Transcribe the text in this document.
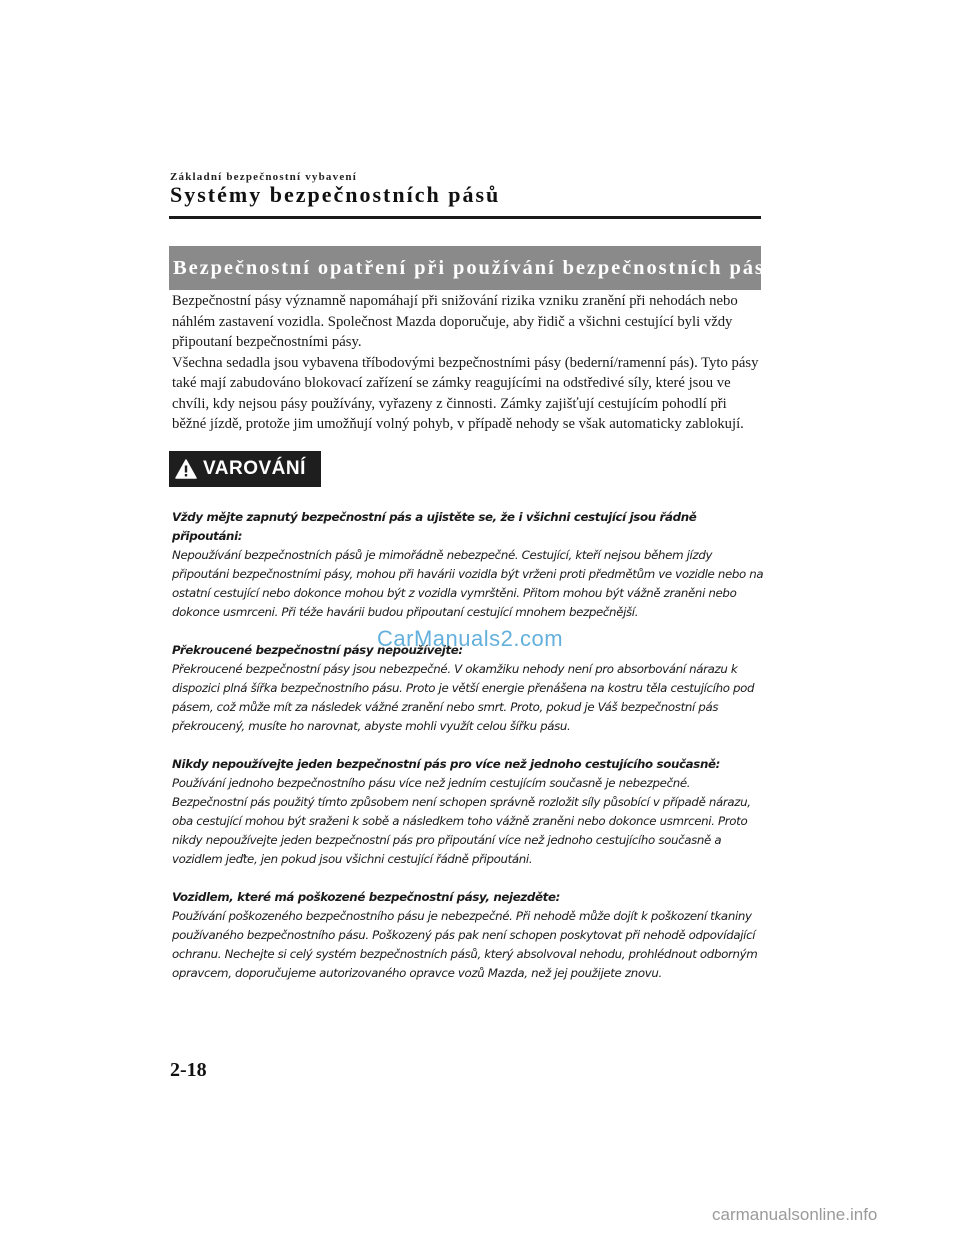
Základní bezpečnostní vybavení
Systémy bezpečnostních pásů
Bezpečnostní opatření při používání bezpečnostních pásů

Bezpečnostní pásy významně napomáhají při snižování rizika vzniku zranění při nehodách nebo náhlém zastavení vozidla. Společnost Mazda doporučuje, aby řidič a všichni cestující byli vždy připoutaní bezpečnostními pásy.

Všechna sedadla jsou vybavena tříbodovými bezpečnostními pásy (bederní/ramenní pás). Tyto pásy také mají zabudováno blokovací zařízení se zámky reagujícími na odstředivé síly, které jsou ve chvíli, kdy nejsou pásy používány, vyřazeny z činnosti. Zámky zajišťují cestujícím pohodlí při běžné jízdě, protože jim umožňují volný pohyb, v případě nehody se však automaticky zablokují.

VAROVÁNÍ
Vždy mějte zapnutý bezpečnostní pás a ujistěte se, že i všichni cestující jsou řádně připoutáni:
Nepoužívání bezpečnostních pásů je mimořádně nebezpečné. Cestující, kteří nejsou během jízdy připoutáni bezpečnostními pásy, mohou při havárii vozidla být vrženi proti předmětům ve vozidle nebo na ostatní cestující nebo dokonce mohou být z vozidla vymrštěni. Přitom mohou být vážně zraněni nebo dokonce usmrceni. Při téže havárii budou připoutaní cestující mnohem bezpečnější.
Překroucené bezpečnostní pásy nepoužívejte:
Překroucené bezpečnostní pásy jsou nebezpečné. V okamžiku nehody není pro absorbování nárazu k dispozici plná šířka bezpečnostního pásu. Proto je větší energie přenášena na kostru těla cestujícího pod pásem, což může mít za následek vážné zranění nebo smrt. Proto, pokud je Váš bezpečnostní pás překroucený, musíte ho narovnat, abyste mohli využít celou šířku pásu.
Nikdy nepoužívejte jeden bezpečnostní pás pro více než jednoho cestujícího současně:
Používání jednoho bezpečnostního pásu více než jedním cestujícím současně je nebezpečné. Bezpečnostní pás použitý tímto způsobem není schopen správně rozložit síly působící v případě nárazu, oba cestující mohou být sraženi k sobě a následkem toho vážně zraněni nebo dokonce usmrceni. Proto nikdy nepoužívejte jeden bezpečnostní pás pro připoutání více než jednoho cestujícího současně a vozidlem jeďte, jen pokud jsou všichni cestující řádně připoutáni.
Vozidlem, které má poškozené bezpečnostní pásy, nejezděte:
Používání poškozeného bezpečnostního pásu je nebezpečné. Při nehodě může dojít k poškození tkaniny používaného bezpečnostního pásu. Poškozený pás pak není schopen poskytovat při nehodě odpovídající ochranu. Nechejte si celý systém bezpečnostních pásů, který absolvoval nehodu, prohlédnout odborným opravcem, doporučujeme autorizovaného opravce vozů Mazda, než jej použijete znovu.
CarManuals2.com
2-18
carmanualsonline.info
